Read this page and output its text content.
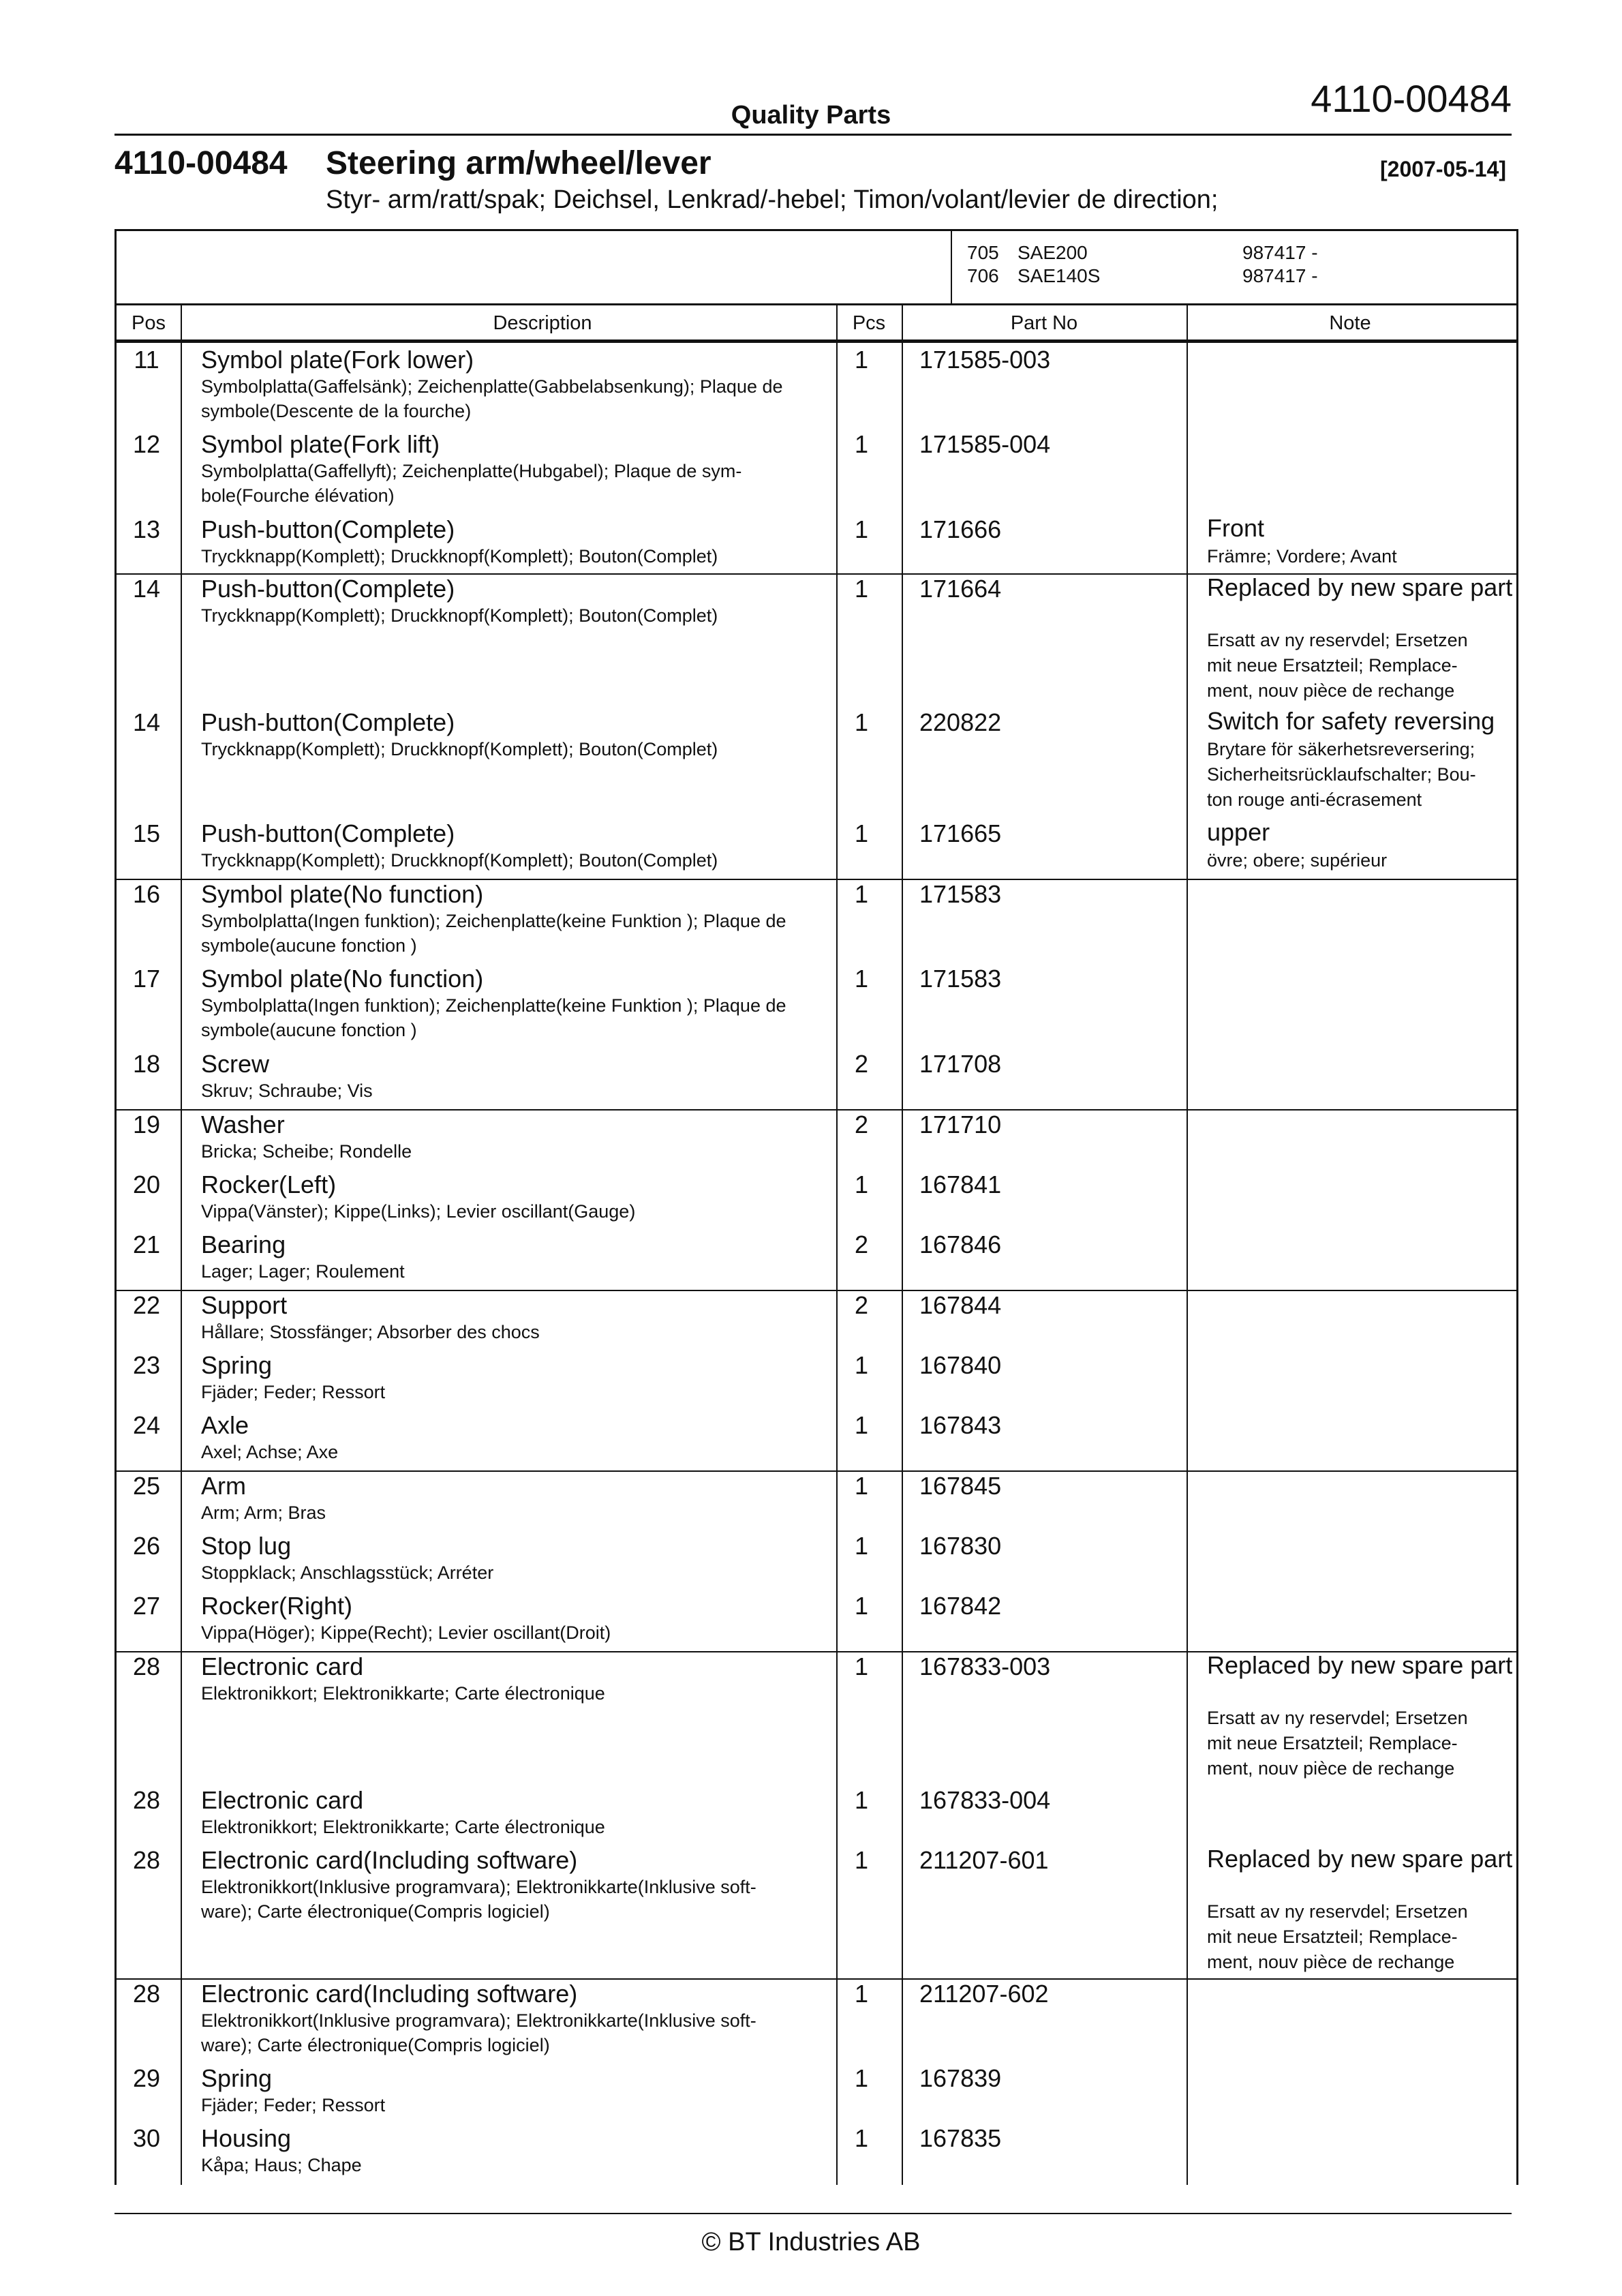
4110-00484
Quality Parts
4110-00484 Steering arm/wheel/lever	[2007-05-14]
Styr- arm/ratt/spak; Deichsel, Lenkrad/-hebel; Timon/volant/levier de direction;
705 SAE200	987417 -
706 SAE140S	987417 -
Pos	Description	Pcs	Part No	Note
11	Symbol plate(Fork lower)
Symbolplatta(Gaffelsänk); Zeichenplatte(Gabbelabsenkung); Plaque de
symbole(Descente de la fourche)
1 171585-003
12	Symbol plate(Fork lift)
Symbolplatta(Gaffellyft); Zeichenplatte(Hubgabel); Plaque de sym-
bole(Fourche élévation)
1 171585-004
13	Push-button(Complete)
Tryckknapp(Komplett); Druckknopf(Komplett); Bouton(Complet)
1 171666	Front
Främre; Vordere; Avant
14	Push-button(Complete)
Tryckknapp(Komplett); Druckknopf(Komplett); Bouton(Complet)
1 171664	Replaced by new spare part
Ersatt av ny reservdel; Ersetzen
mit neue Ersatzteil; Remplace-
ment, nouv pièce de rechange
14	Push-button(Complete)
Tryckknapp(Komplett); Druckknopf(Komplett); Bouton(Complet)
1 220822	Switch for safety reversing
Brytare för säkerhetsreversering;
Sicherheitsrücklaufschalter; Bou-
ton rouge anti-écrasement
15	Push-button(Complete)
Tryckknapp(Komplett); Druckknopf(Komplett); Bouton(Complet)
1 171665	upper
övre; obere; supérieur
16	Symbol plate(No function)
Symbolplatta(Ingen funktion); Zeichenplatte(keine Funktion ); Plaque de
symbole(aucune fonction )
1 171583
17	Symbol plate(No function)
Symbolplatta(Ingen funktion); Zeichenplatte(keine Funktion ); Plaque de
symbole(aucune fonction )
1 171583
18	Screw
Skruv; Schraube; Vis
2 171708
19	Washer
Bricka; Scheibe; Rondelle
2 171710
20	Rocker(Left)
Vippa(Vänster); Kippe(Links); Levier oscillant(Gauge)
1 167841
21	Bearing
Lager; Lager; Roulement
2 167846
22	Support
Hållare; Stossfänger; Absorber des chocs
2 167844
23	Spring
Fjäder; Feder; Ressort
1 167840
24	Axle
Axel; Achse; Axe
1 167843
25	Arm
Arm; Arm; Bras
1 167845
26	Stop lug
Stoppklack; Anschlagsstück; Arréter
1 167830
27	Rocker(Right)
Vippa(Höger); Kippe(Recht); Levier oscillant(Droit)
1 167842
28	Electronic card
Elektronikkort; Elektronikkarte; Carte électronique
1 167833-003	Replaced by new spare part
Ersatt av ny reservdel; Ersetzen
mit neue Ersatzteil; Remplace-
ment, nouv pièce de rechange
28	Electronic card
Elektronikkort; Elektronikkarte; Carte électronique
1 167833-004
28	Electronic card(Including software)
Elektronikkort(Inklusive programvara); Elektronikkarte(Inklusive soft-
ware); Carte électronique(Compris logiciel)
1 211207-601	Replaced by new spare part
Ersatt av ny reservdel; Ersetzen
mit neue Ersatzteil; Remplace-
ment, nouv pièce de rechange
28	Electronic card(Including software)
Elektronikkort(Inklusive programvara); Elektronikkarte(Inklusive soft-
ware); Carte électronique(Compris logiciel)
1 211207-602
29	Spring
Fjäder; Feder; Ressort
1 167839
30	Housing
Kåpa; Haus; Chape
1 167835
© BT Industries AB
